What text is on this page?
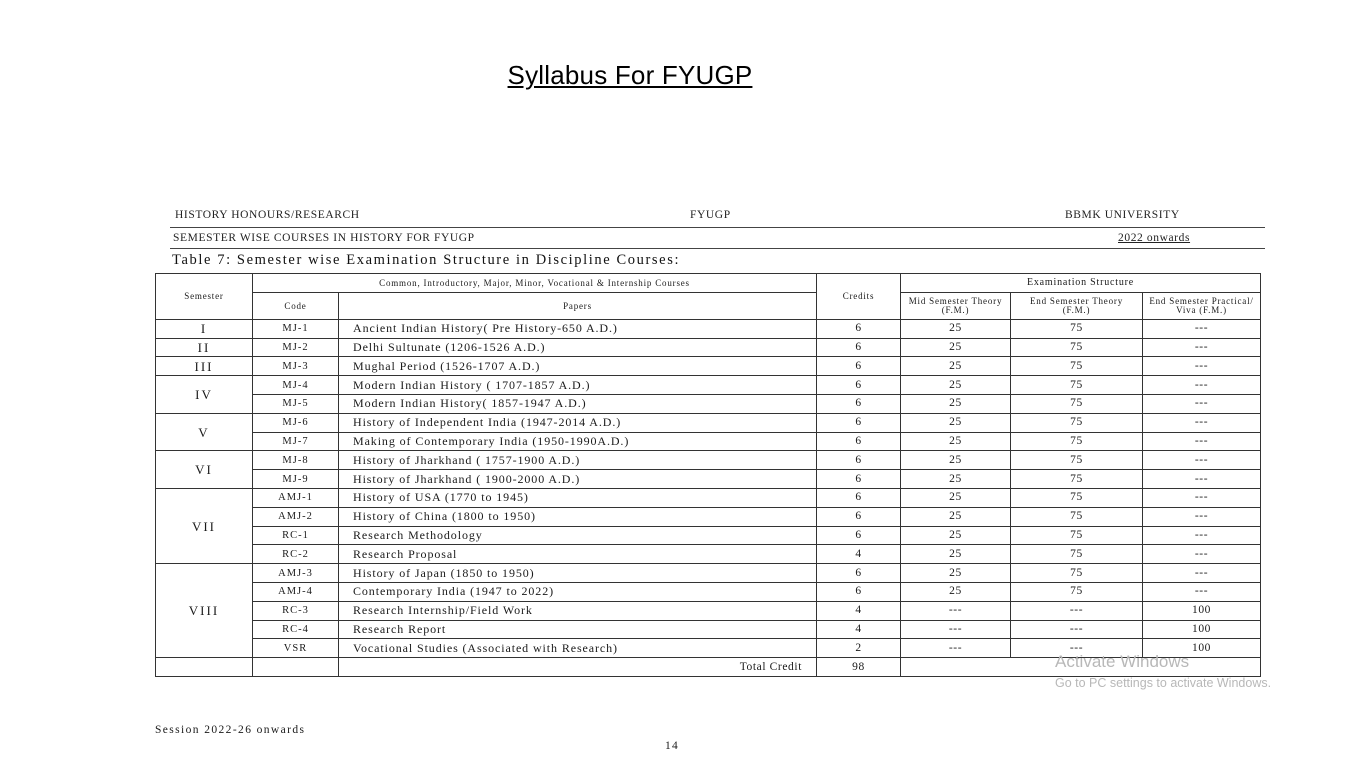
Syllabus For FYUGP
HISTORY HONOURS/RESEARCH	FYUGP	BBMK UNIVERSITY
SEMESTER WISE COURSES IN HISTORY FOR FYUGP	2022 onwards
Table 7: Semester wise Examination Structure in Discipline Courses:
Semester	Common, Introductory, Major, Minor, Vocational & Internship Courses		Credits	Examination Structure		
	Code	Papers		Mid Semester Theory (F.M.)	End Semester Theory (F.M.)	End Semester Practical/ Viva (F.M.)
I	MJ-1	Ancient Indian History( Pre History-650 A.D.)	6	25	75	---
II	MJ-2	Delhi Sultunate (1206-1526 A.D.)	6	25	75	---
III	MJ-3	Mughal Period (1526-1707 A.D.)	6	25	75	---
IV	MJ-4	Modern Indian History ( 1707-1857 A.D.)	6	25	75	---
	MJ-5	Modern Indian History( 1857-1947 A.D.)	6	25	75	---
V	MJ-6	History of Independent India (1947-2014 A.D.)	6	25	75	---
	MJ-7	Making of Contemporary India (1950-1990A.D.)	6	25	75	---
VI	MJ-8	History of Jharkhand ( 1757-1900 A.D.)	6	25	75	---
	MJ-9	History of Jharkhand ( 1900-2000 A.D.)	6	25	75	---
VII	AMJ-1	History of USA (1770 to 1945)	6	25	75	---
	AMJ-2	History of China (1800 to 1950)	6	25	75	---
	RC-1	Research Methodology	6	25	75	---
	RC-2	Research Proposal	4	25	75	---
VIII	AMJ-3	History of Japan (1850 to 1950)	6	25	75	---
	AMJ-4	Contemporary India (1947 to 2022)	6	25	75	---
	RC-3	Research Internship/Field Work	4	---	---	100
	RC-4	Research Report	4	---	---	100
	VSR	Vocational Studies (Associated with Research)	2	---	---	100
		Total Credit	98			
Session 2022-26 onwards
14
Activate Windows
Go to PC settings to activate Windows.
